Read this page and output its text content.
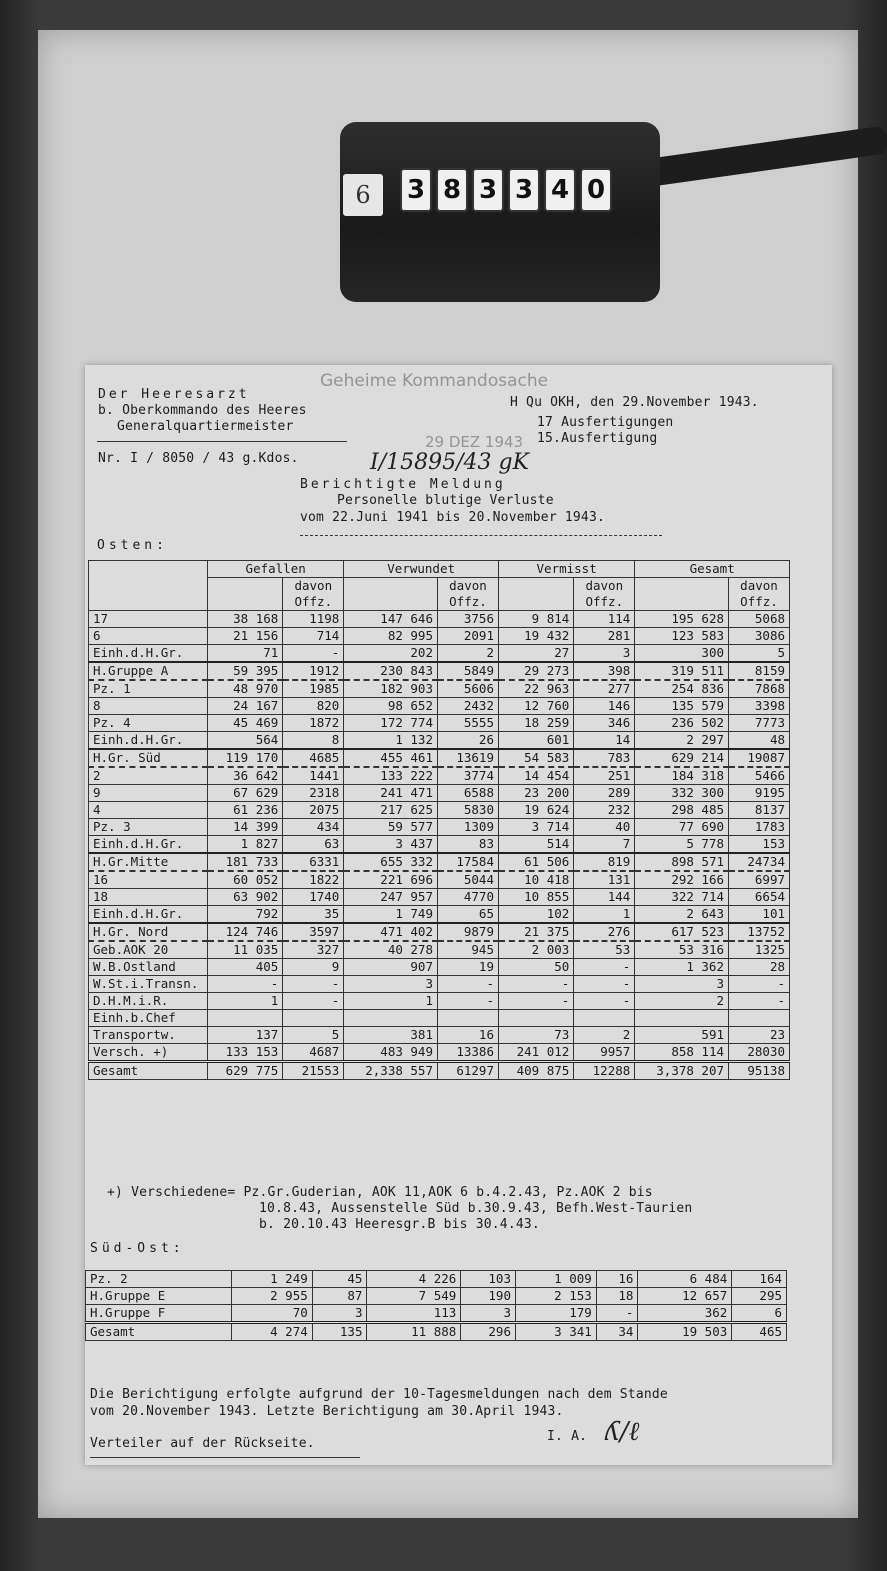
6	3 8 3 3 4 0
Der Heeresarzt
b. Oberkommando des Heeres
Generalquartiermeister
Nr. I / 8050 / 43 g.Kdos.
Geheime Kommandosache
29 DEZ 1943
H Qu OKH, den 29.November 1943.
17 Ausfertigungen
15.Ausfertigung
I/15895/43 gK
Berichtigte Meldung
Personelle blutige Verluste
vom 22.Juni 1941 bis 20.November 1943.
Osten:
	Gefallen		Verwundet		Vermisst		Gesamt	
		davon Offz.		davon Offz.		davon Offz.		davon Offz.
17	38 168	1198	147 646	3756	9 814	114	195 628	5068
6	21 156	714	82 995	2091	19 432	281	123 583	3086
Einh.d.H.Gr.	71	-	202	2	27	3	300	5
H.Gruppe A	59 395	1912	230 843	5849	29 273	398	319 511	8159
Pz. 1	48 970	1985	182 903	5606	22 963	277	254 836	7868
8	24 167	820	98 652	2432	12 760	146	135 579	3398
Pz. 4	45 469	1872	172 774	5555	18 259	346	236 502	7773
Einh.d.H.Gr.	564	8	1 132	26	601	14	2 297	48
H.Gr. Süd	119 170	4685	455 461	13619	54 583	783	629 214	19087
2	36 642	1441	133 222	3774	14 454	251	184 318	5466
9	67 629	2318	241 471	6588	23 200	289	332 300	9195
4	61 236	2075	217 625	5830	19 624	232	298 485	8137
Pz. 3	14 399	434	59 577	1309	3 714	40	77 690	1783
Einh.d.H.Gr.	1 827	63	3 437	83	514	7	5 778	153
H.Gr.Mitte	181 733	6331	655 332	17584	61 506	819	898 571	24734
16	60 052	1822	221 696	5044	10 418	131	292 166	6997
18	63 902	1740	247 957	4770	10 855	144	322 714	6654
Einh.d.H.Gr.	792	35	1 749	65	102	1	2 643	101
H.Gr. Nord	124 746	3597	471 402	9879	21 375	276	617 523	13752
Geb.AOK 20	11 035	327	40 278	945	2 003	53	53 316	1325
W.B.Ostland	405	9	907	19	50	-	1 362	28
W.St.i.Transn.	-	-	3	-	-	-	3	-
D.H.M.i.R.	1	-	1	-	-	-	2	-
Einh.b.Chef								
Transportw.	137	5	381	16	73	2	591	23
Versch. +)	133 153	4687	483 949	13386	241 012	9957	858 114	28030
Gesamt	629 775	21553	2,338 557	61297	409 875	12288	3,378 207	95138
+) Verschiedene= Pz.Gr.Guderian, AOK 11,AOK 6 b.4.2.43, Pz.AOK 2 bis
10.8.43, Aussenstelle Süd b.30.9.43, Befh.West-Taurien
b. 20.10.43 Heeresgr.B bis 30.4.43.
Süd-Ost:
Pz. 2	1 249	45	4 226	103	1 009	16	6 484	164
H.Gruppe E	2 955	87	7 549	190	2 153	18	12 657	295
H.Gruppe F	70	3	113	3	179	-	362	6
Gesamt	4 274	135	11 888	296	3 341	34	19 503	465
Die Berichtigung erfolgte aufgrund der 10-Tagesmeldungen nach dem Stande
vom 20.November 1943. Letzte Berichtigung am 30.April 1943.
Verteiler auf der Rückseite.	I. A. ʎ/ℓ
